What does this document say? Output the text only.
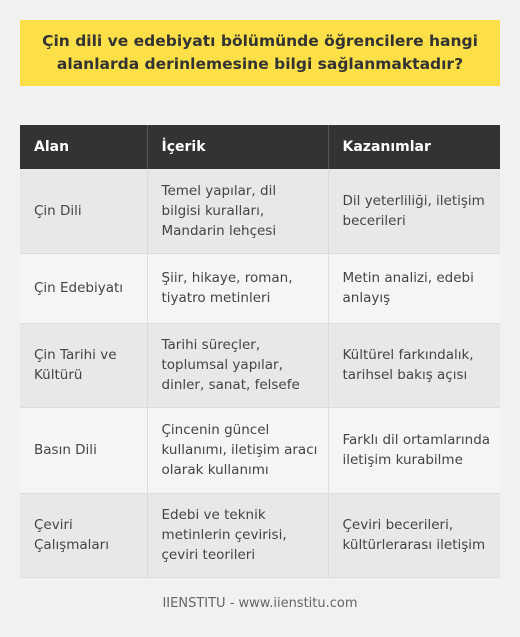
Çin dili ve edebiyatı bölümünde öğrencilere hangi alanlarda derinlemesine bilgi sağlanmaktadır?
Alan	İçerik	Kazanımlar
Çin Dili	Temel yapılar, dil bilgisi kuralları, Mandarin lehçesi	Dil yeterliliği, iletişim becerileri
Çin Edebiyatı	Şiir, hikaye, roman, tiyatro metinleri	Metin analizi, edebi anlayış
Çin Tarihi ve Kültürü	Tarihi süreçler, toplumsal yapılar, dinler, sanat, felsefe	Kültürel farkındalık, tarihsel bakış açısı
Basın Dili	Çincenin güncel kullanımı, iletişim aracı olarak kullanımı	Farklı dil ortamlarında iletişim kurabilme
Çeviri Çalışmaları	Edebi ve teknik metinlerin çevirisi, çeviri teorileri	Çeviri becerileri, kültürlerarası iletişim
IIENSTITU - www.iienstitu.com
